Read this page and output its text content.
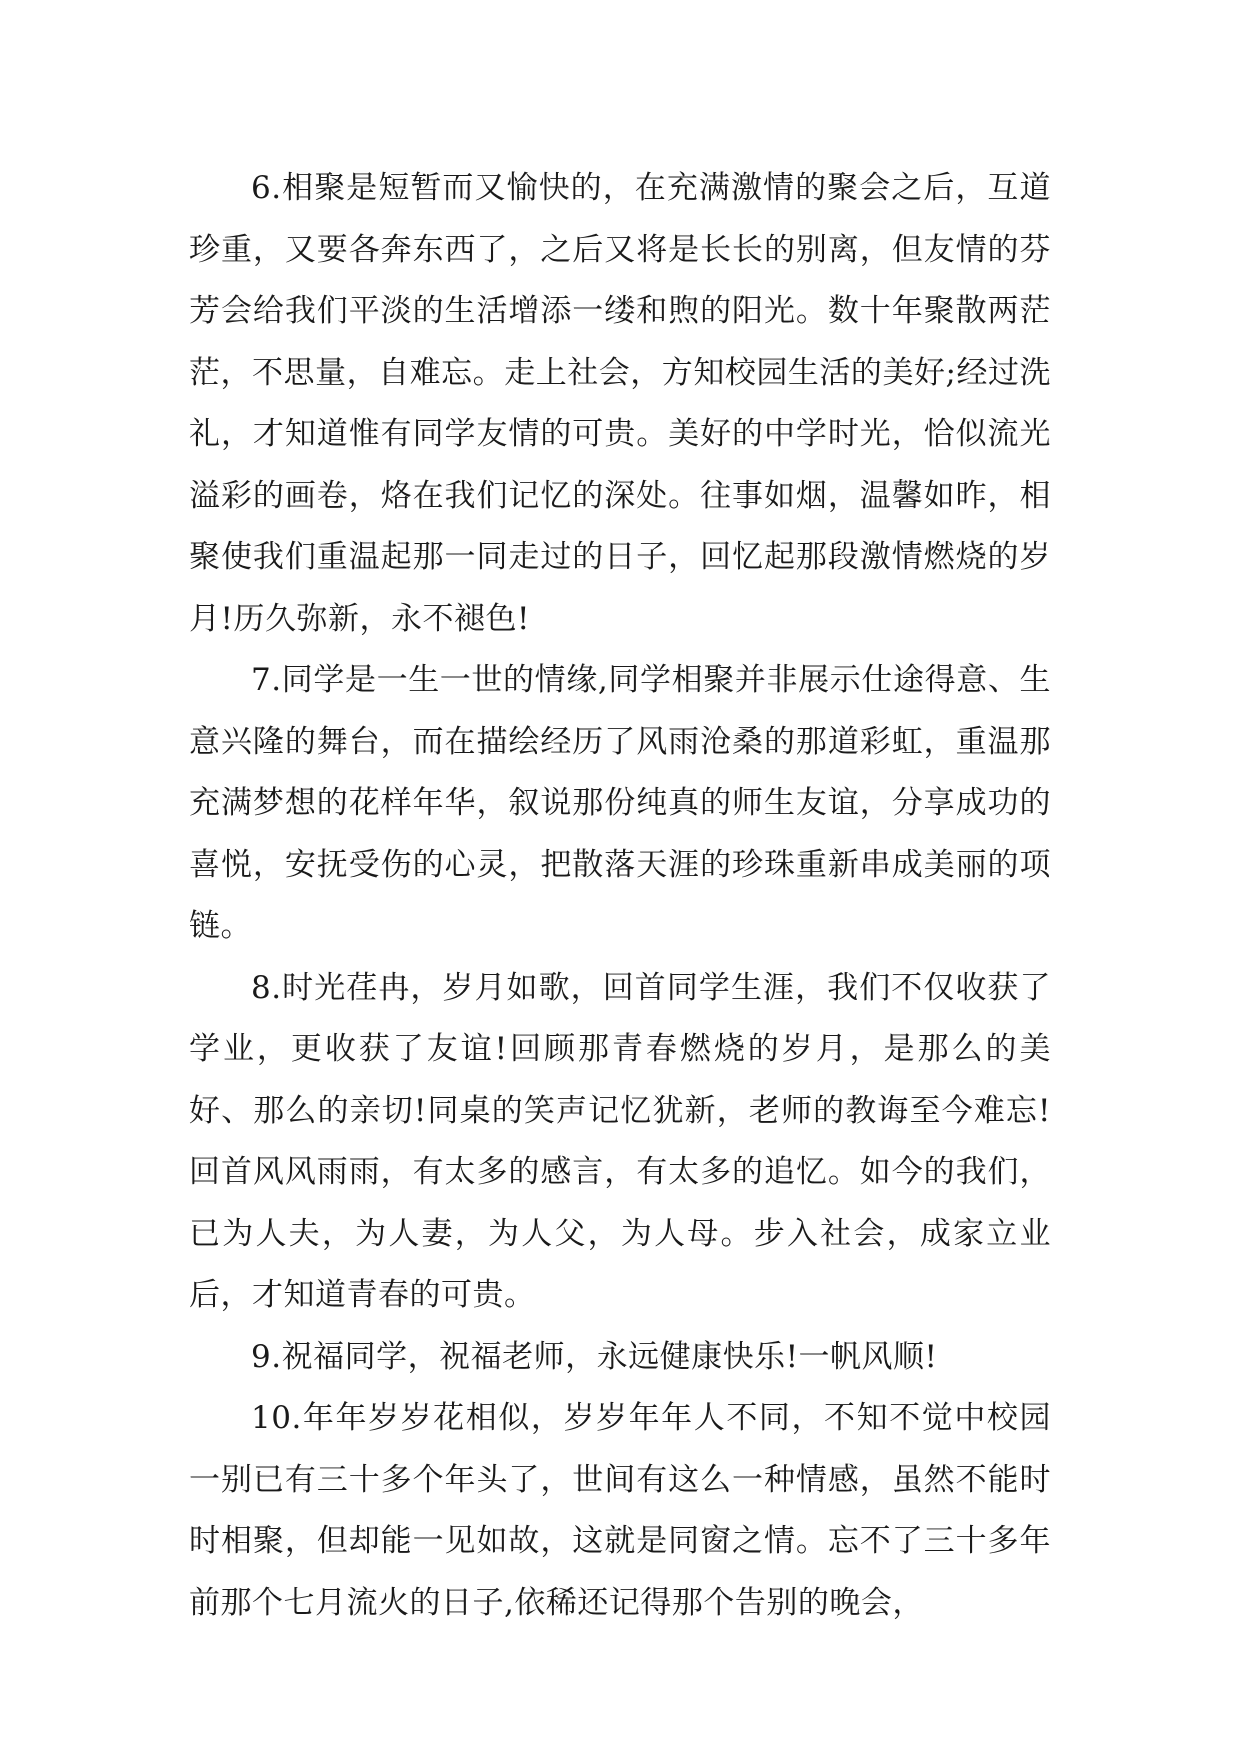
6.相聚是短暂而又愉快的，在充满激情的聚会之后，互道珍重，又要各奔东西了，之后又将是长长的别离，但友情的芬芳会给我们平淡的生活增添一缕和煦的阳光。数十年聚散两茫茫，不思量，自难忘。走上社会，方知校园生活的美好;经过洗礼，才知道惟有同学友情的可贵。美好的中学时光，恰似流光溢彩的画卷，烙在我们记忆的深处。往事如烟，温馨如昨，相聚使我们重温起那一同走过的日子，回忆起那段激情燃烧的岁月!历久弥新，永不褪色!

7.同学是一生一世的情缘,同学相聚并非展示仕途得意、生意兴隆的舞台，而在描绘经历了风雨沧桑的那道彩虹，重温那充满梦想的花样年华，叙说那份纯真的师生友谊，分享成功的喜悦，安抚受伤的心灵，把散落天涯的珍珠重新串成美丽的项链。

8.时光荏冉，岁月如歌，回首同学生涯，我们不仅收获了学业，更收获了友谊!回顾那青春燃烧的岁月，是那么的美好、那么的亲切!同桌的笑声记忆犹新，老师的教诲至今难忘!回首风风雨雨，有太多的感言，有太多的追忆。如今的我们，已为人夫，为人妻，为人父，为人母。步入社会，成家立业后，才知道青春的可贵。

9.祝福同学，祝福老师，永远健康快乐!一帆风顺!

10.年年岁岁花相似，岁岁年年人不同，不知不觉中校园一别已有三十多个年头了，世间有这么一种情感，虽然不能时时相聚，但却能一见如故，这就是同窗之情。忘不了三十多年前那个七月流火的日子,依稀还记得那个告别的晚会，
